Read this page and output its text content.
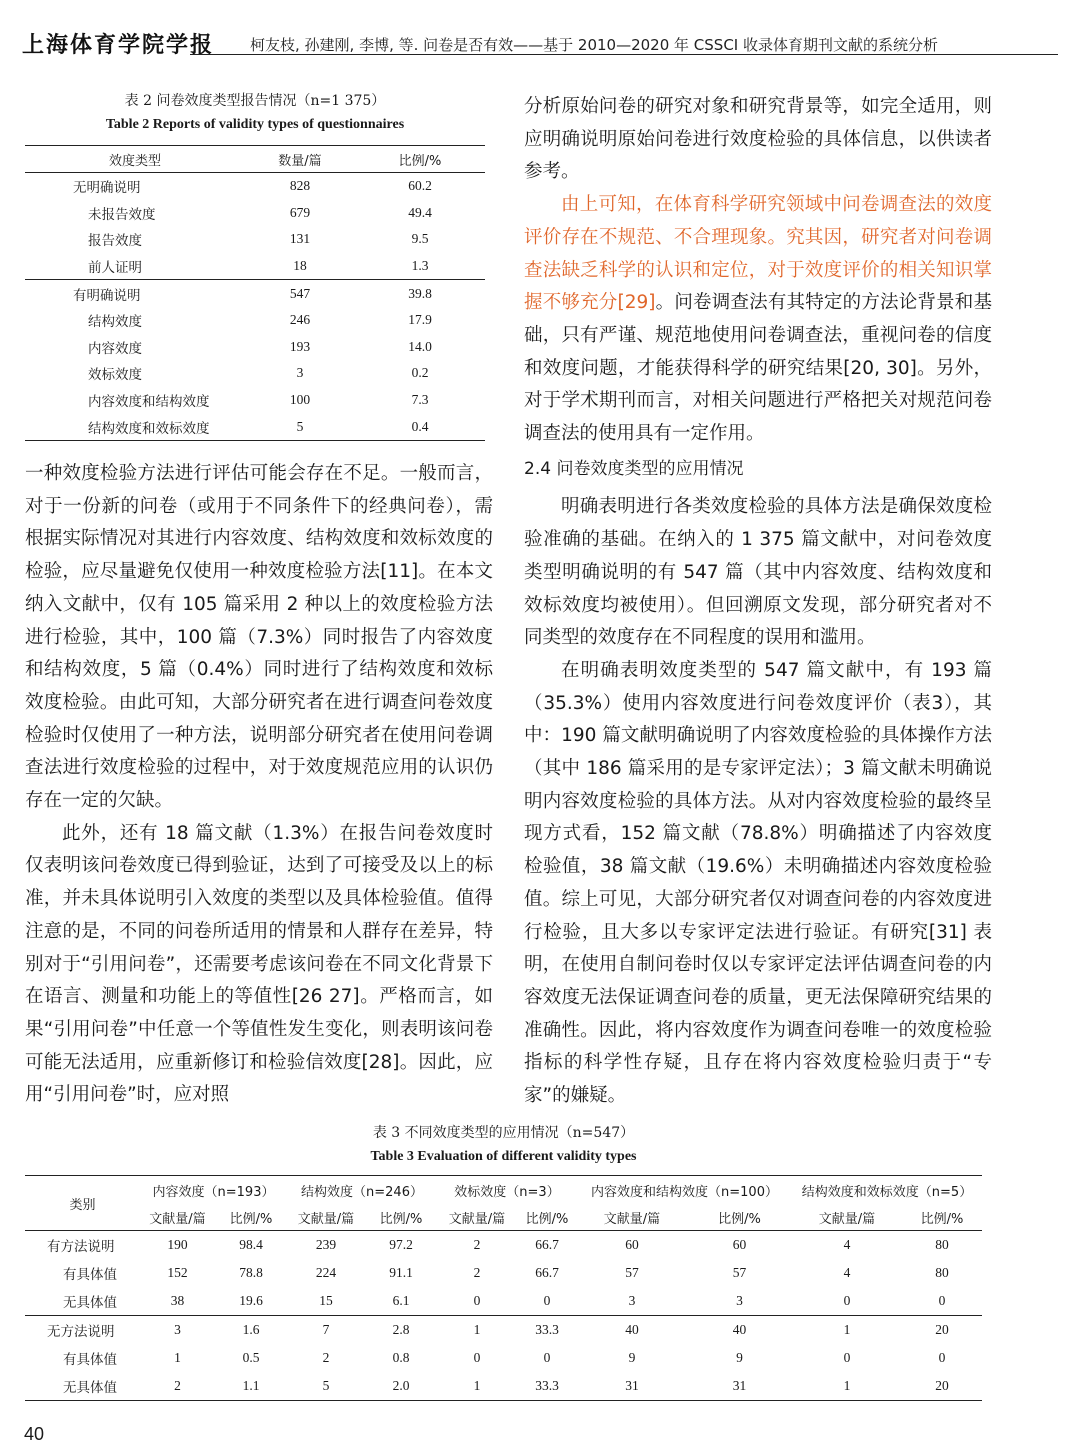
上海体育学院学报 柯友枝, 孙建刚, 李博, 等. 问卷是否有效——基于 2010—2020 年 CSSCI 收录体育期刊文献的系统分析
表 2 问卷效度类型报告情况（n=1 375）
Table 2 Reports of validity types of questionnaires
效度类型	数量/篇	比例/%
无明确说明	828	60.2
未报告效度	679	49.4
报告效度	131	9.5
前人证明	18	1.3
有明确说明	547	39.8
结构效度	246	17.9
内容效度	193	14.0
效标效度	3	0.2
内容效度和结构效度	100	7.3
结构效度和效标效度	5	0.4

一种效度检验方法进行评估可能会存在不足。一般而言，对于一份新的问卷（或用于不同条件下的经典问卷），需根据实际情况对其进行内容效度、结构效度和效标效度的检验，应尽量避免仅使用一种效度检验方法[11]。在本文纳入文献中，仅有 105 篇采用 2 种以上的效度检验方法进行检验，其中，100 篇（7.3%）同时报告了内容效度和结构效度，5 篇（0.4%）同时进行了结构效度和效标效度检验。由此可知，大部分研究者在进行调查问卷效度检验时仅使用了一种方法，说明部分研究者在使用问卷调查法进行效度检验的过程中，对于效度规范应用的认识仍存在一定的欠缺。

此外，还有 18 篇文献（1.3%）在报告问卷效度时仅表明该问卷效度已得到验证，达到了可接受及以上的标准，并未具体说明引入效度的类型以及具体检验值。值得注意的是，不同的问卷所适用的情景和人群存在差异，特别对于“引用问卷”，还需要考虑该问卷在不同文化背景下在语言、测量和功能上的等值性[26 27]。严格而言，如果“引用问卷”中任意一个等值性发生变化，则表明该问卷可能无法适用，应重新修订和检验信效度[28]。因此，应用“引用问卷”时，应对照

分析原始问卷的研究对象和研究背景等，如完全适用，则应明确说明原始问卷进行效度检验的具体信息，以供读者参考。

由上可知，在体育科学研究领域中问卷调查法的效度评价存在不规范、不合理现象。究其因，研究者对问卷调查法缺乏科学的认识和定位，对于效度评价的相关知识掌握不够充分[29]。问卷调查法有其特定的方法论背景和基础，只有严谨、规范地使用问卷调查法，重视问卷的信度和效度问题，才能获得科学的研究结果[20, 30]。另外，对于学术期刊而言，对相关问题进行严格把关对规范问卷调查法的使用具有一定作用。

2.4 问卷效度类型的应用情况

明确表明进行各类效度检验的具体方法是确保效度检验准确的基础。在纳入的 1 375 篇文献中，对问卷效度类型明确说明的有 547 篇（其中内容效度、结构效度和效标效度均被使用）。但回溯原文发现，部分研究者对不同类型的效度存在不同程度的误用和滥用。

在明确表明效度类型的 547 篇文献中，有 193 篇（35.3%）使用内容效度进行问卷效度评价（表3），其中：190 篇文献明确说明了内容效度检验的具体操作方法（其中 186 篇采用的是专家评定法）；3 篇文献未明确说明内容效度检验的具体方法。从对内容效度检验的最终呈现方式看，152 篇文献（78.8%）明确描述了内容效度检验值，38 篇文献（19.6%）未明确描述内容效度检验值。综上可见，大部分研究者仅对调查问卷的内容效度进行检验，且大多以专家评定法进行验证。有研究[31] 表明，在使用自制问卷时仅以专家评定法评估调查问卷的内容效度无法保证调查问卷的质量，更无法保障研究结果的准确性。因此，将内容效度作为调查问卷唯一的效度检验指标的科学性存疑，且存在将内容效度检验归责于“专家”的嫌疑。

表 3 不同效度类型的应用情况（n=547）
Table 3 Evaluation of different validity types
类别	内容效度（n=193）		结构效度（n=246）		效标效度（n=3）		内容效度和结构效度（n=100）		结构效度和效标效度（n=5）	
	文献量/篇	比例/%	文献量/篇	比例/%	文献量/篇	比例/%	文献量/篇	比例/%	文献量/篇	比例/%
有方法说明	190	98.4	239	97.2	2	66.7	60	60	4	80
有具体值	152	78.8	224	91.1	2	66.7	57	57	4	80
无具体值	38	19.6	15	6.1	0	0	3	3	0	0
无方法说明	3	1.6	7	2.8	1	33.3	40	40	1	20
有具体值	1	0.5	2	0.8	0	0	9	9	0	0
无具体值	2	1.1	5	2.0	1	33.3	31	31	1	20
40
